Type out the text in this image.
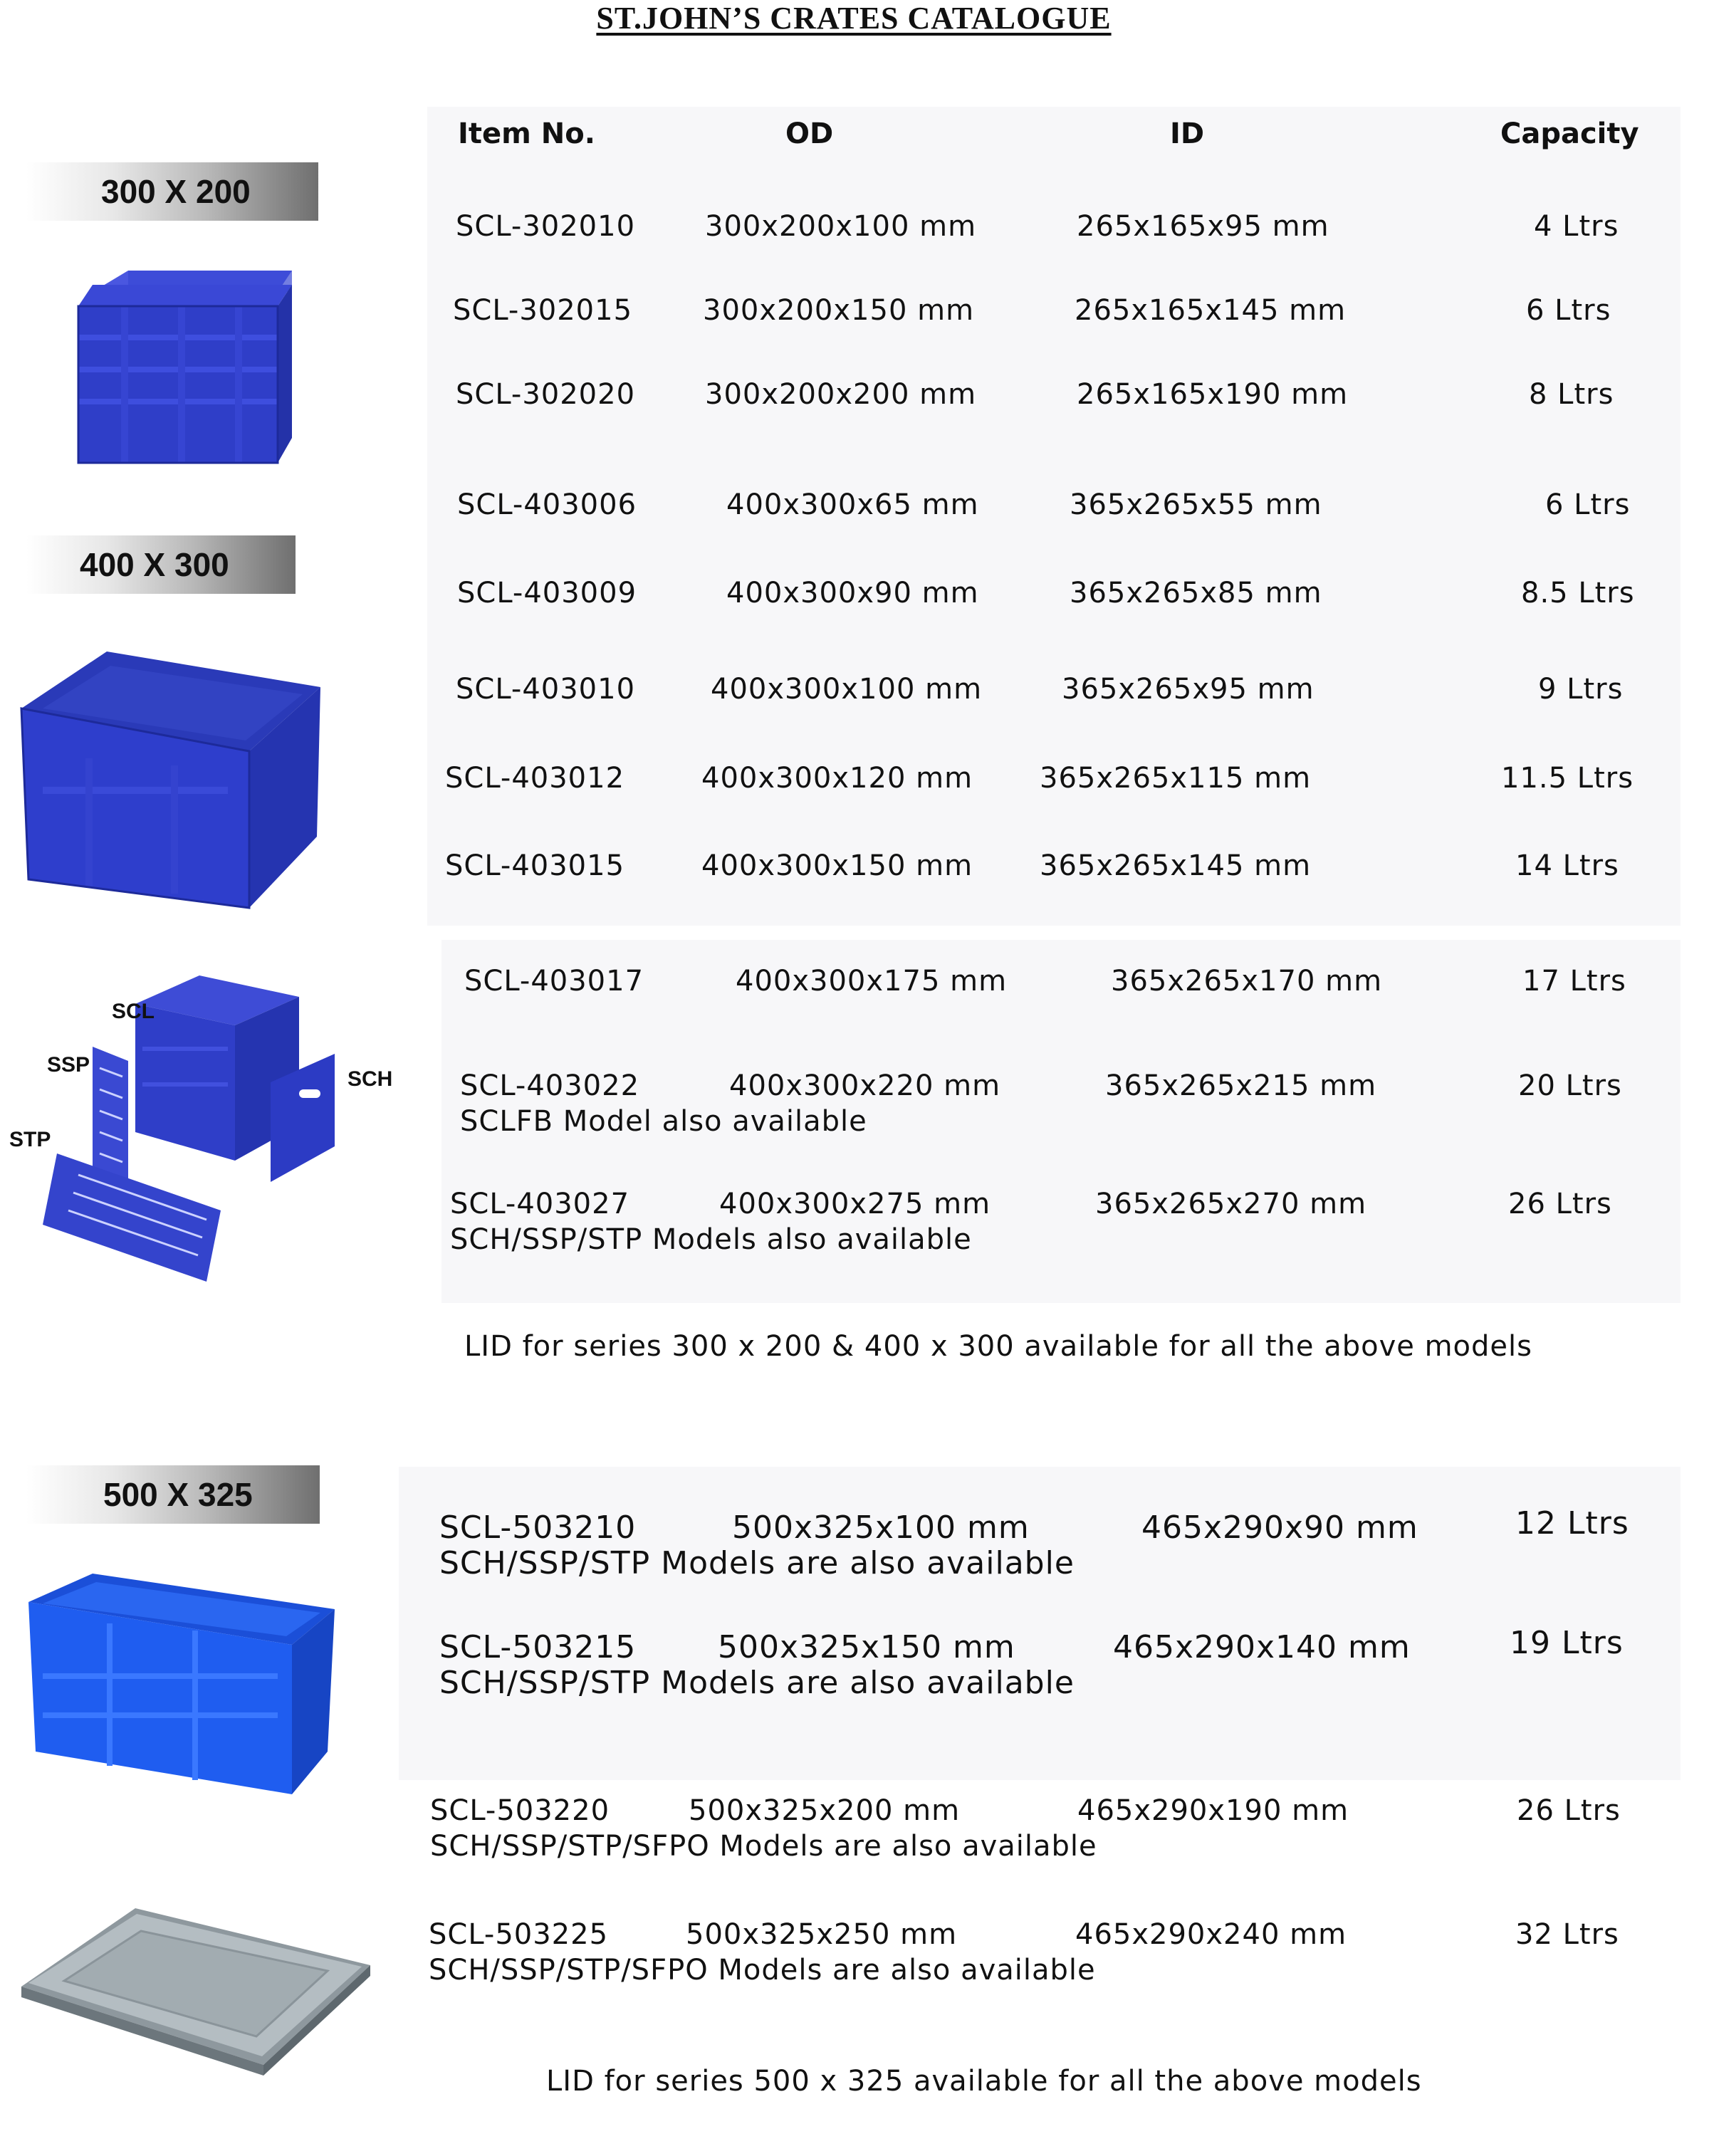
ST.JOHN’S CRATES CATALOGUE
Item No.	OD	ID	Capacity
300 X 200
400 X 300
500 X 325
SCL
SSP
SCH
STP
SCL-302010 300x200x100 mm	265x165x95 mm	4 Ltrs
SCL-302015 300x200x150 mm	265x165x145 mm	6 Ltrs
SCL-302020 300x200x200 mm	265x165x190 mm	8 Ltrs
SCL-403006	400x300x65 mm	365x265x55 mm	6 Ltrs
SCL-403009	400x300x90 mm	365x265x85 mm	8.5 Ltrs
SCL-403010	400x300x100 mm	365x265x95 mm	9 Ltrs
SCL-403012	400x300x120 mm 365x265x115 mm	11.5 Ltrs
SCL-403015	400x300x150 mm 365x265x145 mm	14 Ltrs
SCL-403017	400x300x175 mm	365x265x170 mm	17 Ltrs
SCL-403022	400x300x220 mm	365x265x215 mm	20 Ltrs
SCLFB Model also available
SCL-403027	400x300x275 mm	365x265x270 mm	26 Ltrs
SCH/SSP/STP Models also available
LID for series 300 x 200 & 400 x 300 available for all the above models
SCL-503210	500x325x100 mm	465x290x90 mm	12 Ltrs
SCH/SSP/STP Models are also available
SCL-503215	500x325x150 mm	465x290x140 mm	19 Ltrs
SCH/SSP/STP Models are also available
SCL-503220	500x325x200 mm	465x290x190 mm	26 Ltrs
SCH/SSP/STP/SFPO Models are also available
SCL-503225	500x325x250 mm	465x290x240 mm	32 Ltrs
SCH/SSP/STP/SFPO Models are also available
LID for series 500 x 325 available for all the above models
